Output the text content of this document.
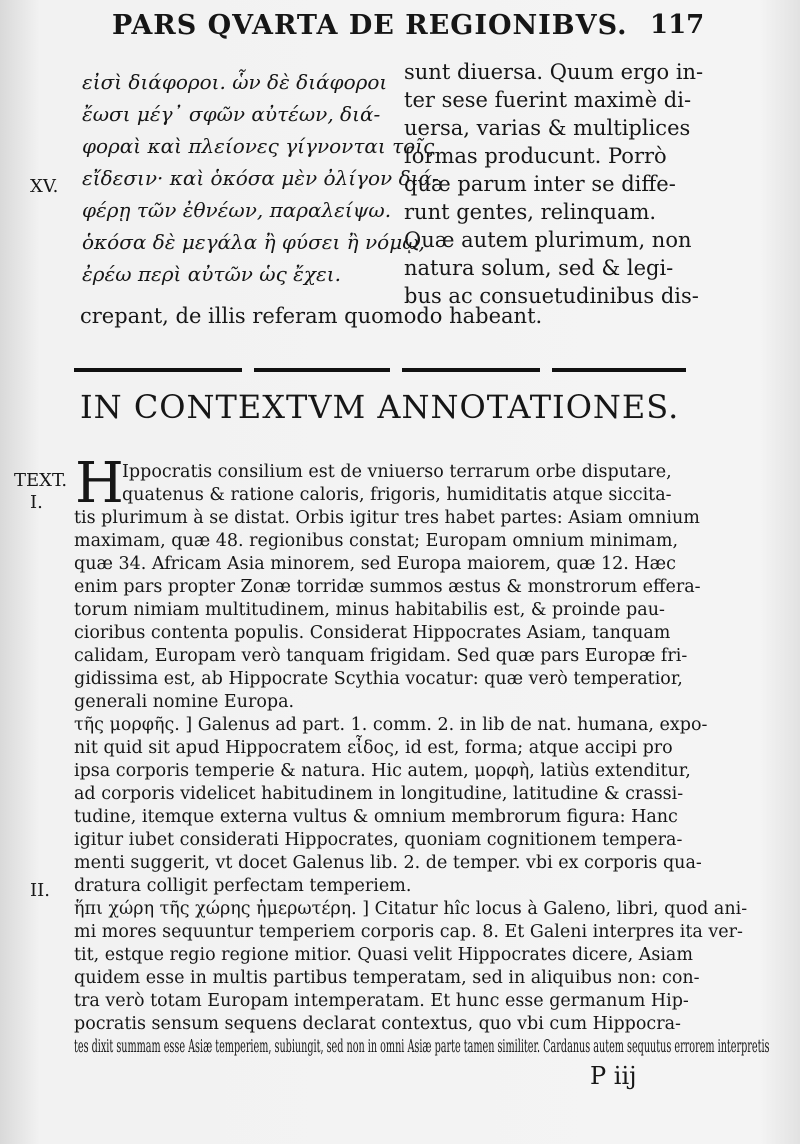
PARS QVARTA DE REGIONIBVS. 117
XV.
εἰσὶ διάφοροι. ὧν δὲ διάφοροι
ἔωσι μέγ᾽ σφῶν αὐτέων, διά-
φοραὶ καὶ πλείονες γίγνονται τοῖς
εἴδεσιν· καὶ ὁκόσα μὲν ὀλίγον διά-
φέρῃ τῶν ἐθνέων, παραλείψω.
ὁκόσα δὲ μεγάλα ἢ φύσει ἢ νόμῳ,
ἐρέω περὶ αὐτῶν ὡς ἔχει.
sunt diuersa. Quum ergo in-
ter sese fuerint maximè di-
uersa, varias & multiplices
formas producunt. Porrò
quæ parum inter se diffe-
runt gentes, relinquam.
Quæ autem plurimum, non
natura solum, sed & legi-
bus ac consuetudinibus dis-
crepant, de illis referam quomodo habeant.
IN CONTEXTVM ANNOTATIONES.
TEXT.
I.
II.
H
Ippocratis consilium est de vniuerso terrarum orbe disputare,
quatenus & ratione caloris, frigoris, humiditatis atque siccita-
tis plurimum à se distat. Orbis igitur tres habet partes: Asiam omnium
maximam, quæ 48. regionibus constat; Europam omnium minimam,
quæ 34. Africam Asia minorem, sed Europa maiorem, quæ 12. Hæc
enim pars propter Zonæ torridæ summos æstus & monstrorum effera-
torum nimiam multitudinem, minus habitabilis est, & proinde pau-
cioribus contenta populis. Considerat Hippocrates Asiam, tanquam
calidam, Europam verò tanquam frigidam. Sed quæ pars Europæ fri-
gidissima est, ab Hippocrate Scythia vocatur: quæ verò temperatior,
generali nomine Europa.
τῆς μορφῆς. ] Galenus ad part. 1. comm. 2. in lib de nat. humana, expo-
nit quid sit apud Hippocratem εἶδος, id est, forma; atque accipi pro
ipsa corporis temperie & natura. Hic autem, μορφὴ, latiùs extenditur,
ad corporis videlicet habitudinem in longitudine, latitudine & crassi-
tudine, itemque externa vultus & omnium membrorum figura: Hanc
igitur iubet considerati Hippocrates, quoniam cognitionem tempera-
menti suggerit, vt docet Galenus lib. 2. de temper. vbi ex corporis qua-
dratura colligit perfectam temperiem.
ἥπι χώρη τῆς χώρης ἡμερωτέρη. ] Citatur hîc locus à Galeno, libri, quod ani-
mi mores sequuntur temperiem corporis cap. 8. Et Galeni interpres ita ver-
tit, estque regio regione mitior. Quasi velit Hippocrates dicere, Asiam
quidem esse in multis partibus temperatam, sed in aliquibus non: con-
tra verò totam Europam intemperatam. Et hunc esse germanum Hip-
pocratis sensum sequens declarat contextus, quo vbi cum Hippocra-
tes dixit summam esse Asiæ temperiem, subiungit, sed non in omni Asiæ parte tamen similiter. Cardanus autem sequutus errorem interpretis
P iij
